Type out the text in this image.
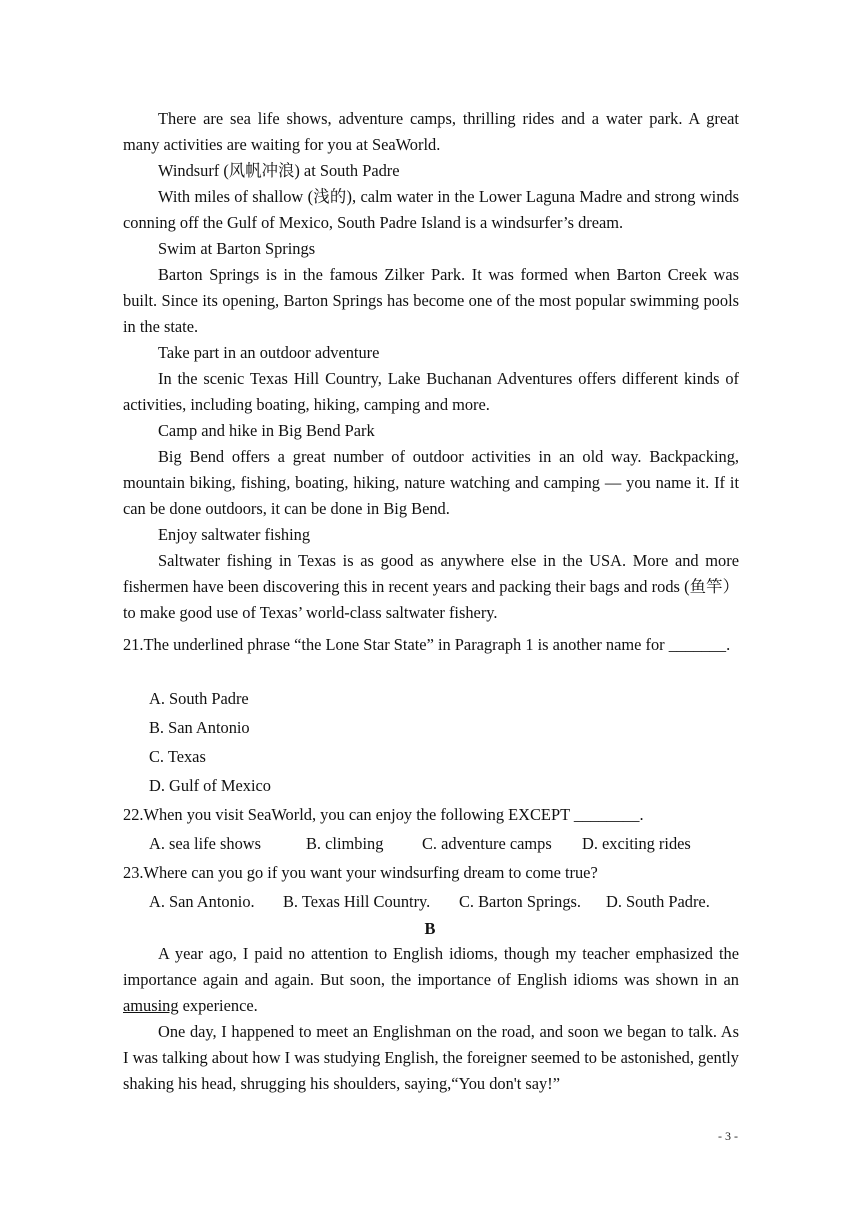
There are sea life shows, adventure camps, thrilling rides and a water park. A great many activities are waiting for you at SeaWorld.

Windsurf (风帆冲浪) at South Padre

With miles of shallow (浅的), calm water in the Lower Laguna Madre and strong winds conning off the Gulf of Mexico, South Padre Island is a windsurfer’s dream.

Swim at Barton Springs

Barton Springs is in the famous Zilker Park. It was formed when Barton Creek was built. Since its opening, Barton Springs has become one of the most popular swimming pools in the state.

Take part in an outdoor adventure

In the scenic Texas Hill Country, Lake Buchanan Adventures offers different kinds of activities, including boating, hiking, camping and more.

Camp and hike in Big Bend Park

Big Bend offers a great number of outdoor activities in an old way. Backpacking, mountain biking, fishing, boating, hiking, nature watching and camping — you name it. If it can be done outdoors, it can be done in Big Bend.

Enjoy saltwater fishing

Saltwater fishing in Texas is as good as anywhere else in the USA. More and more fishermen have been discovering this in recent years and packing their bags and rods (鱼竿）to make good use of Texas’ world-class saltwater fishery.

21.The underlined phrase “the Lone Star State” in Paragraph 1 is another name for _______.

A. South Padre

B. San Antonio

C. Texas

D. Gulf of Mexico

22.When you visit SeaWorld, you can enjoy the following EXCEPT ________.

A. sea life shows	B. climbing C. adventure camps D. exciting rides

23.Where can you go if you want your windsurfing dream to come true?

A. San Antonio. B. Texas Hill Country. C. Barton Springs. D. South Padre.
B

A year ago, I paid no attention to English idioms, though my teacher emphasized the importance again and again. But soon, the importance of English idioms was shown in an amusing experience.

One day, I happened to meet an Englishman on the road, and soon we began to talk. As I was talking about how I was studying English, the foreigner seemed to be astonished, gently shaking his head, shrugging his shoulders, saying,“You don't say!”

- 3 -
